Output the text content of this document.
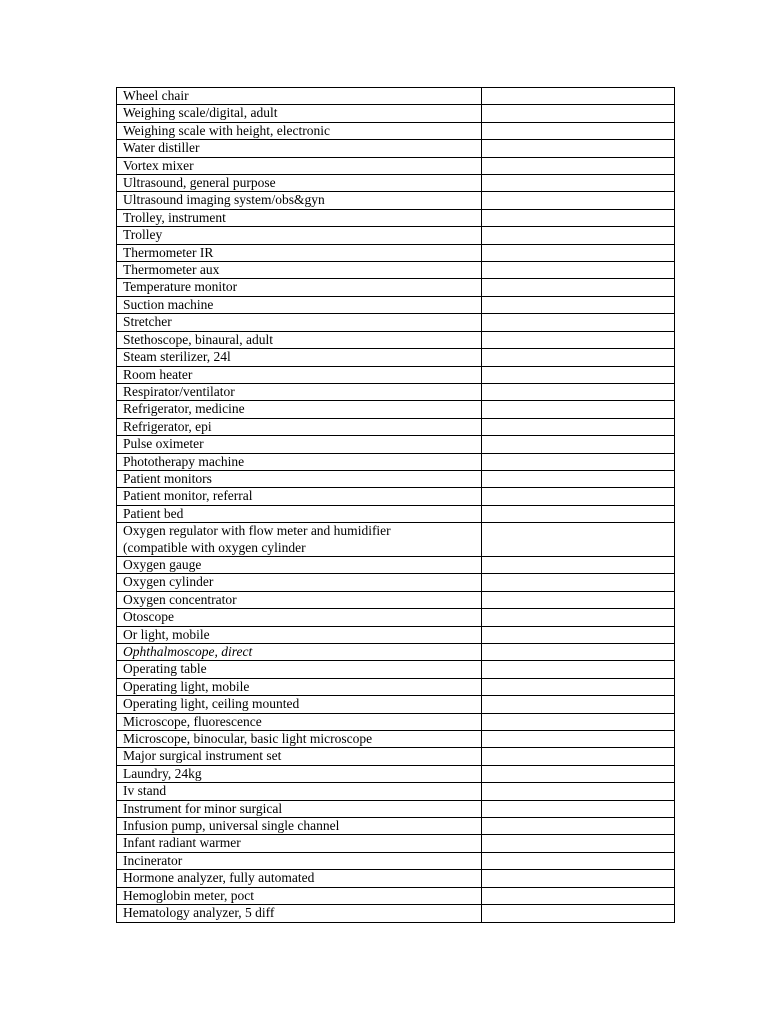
Wheel chair	
Weighing scale/digital, adult	
Weighing scale with height, electronic	
Water distiller	
Vortex mixer	
Ultrasound, general purpose	
Ultrasound imaging system/obs&gyn	
Trolley, instrument	
Trolley	
Thermometer IR	
Thermometer aux	
Temperature monitor	
Suction machine	
Stretcher	
Stethoscope, binaural, adult	
Steam sterilizer, 24l	
Room heater	
Respirator/ventilator	
Refrigerator, medicine	
Refrigerator, epi	
Pulse oximeter	
Phototherapy machine	
Patient monitors	
Patient monitor, referral	
Patient bed	
Oxygen regulator with flow meter and humidifier
(compatible with oxygen cylinder	
Oxygen gauge	
Oxygen cylinder	
Oxygen concentrator	
Otoscope	
Or light, mobile	
Ophthalmoscope, direct	
Operating table	
Operating light, mobile	
Operating light, ceiling mounted	
Microscope, fluorescence	
Microscope, binocular, basic light microscope	
Major surgical instrument set	
Laundry, 24kg	
Iv stand	
Instrument for minor surgical	
Infusion pump, universal single channel	
Infant radiant warmer	
Incinerator	
Hormone analyzer, fully automated	
Hemoglobin meter, poct	
Hematology analyzer, 5 diff	
